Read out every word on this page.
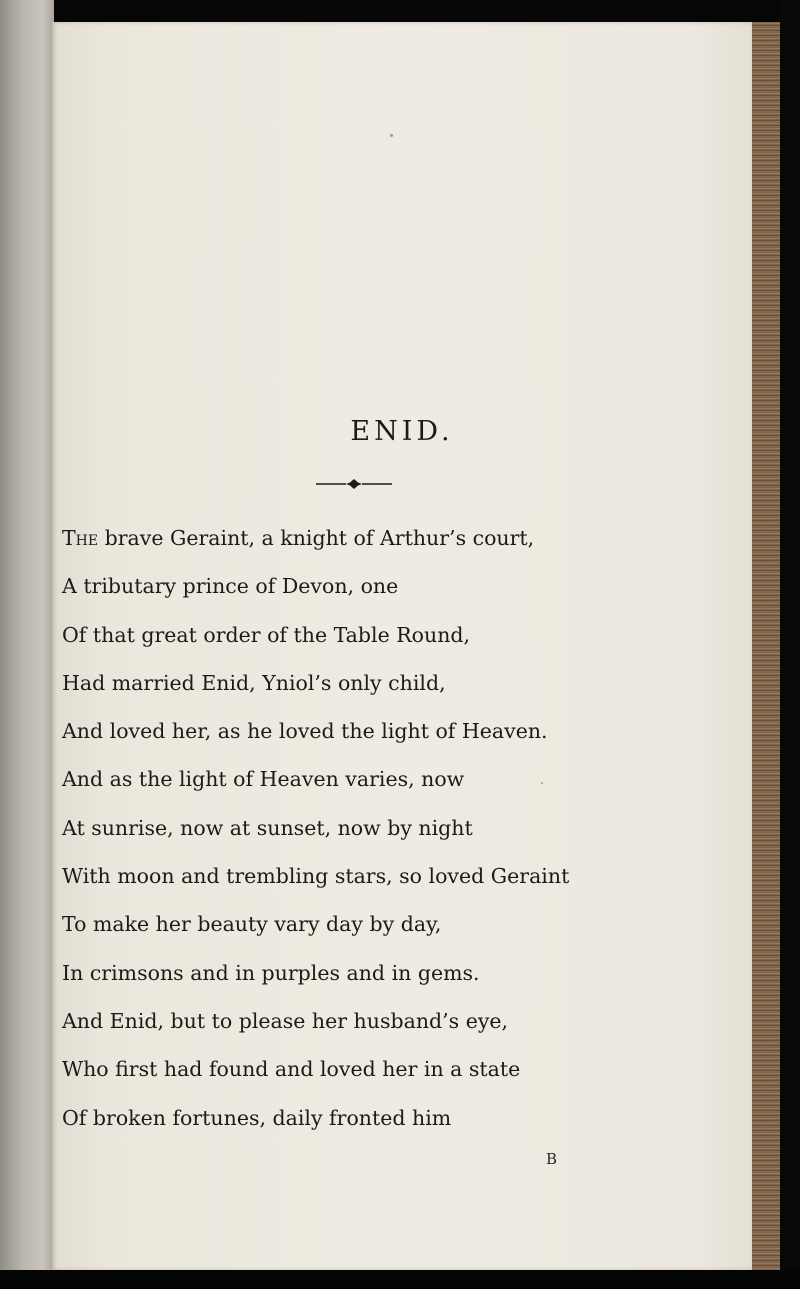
ENID.
The brave Geraint, a knight of Arthur’s court,
A tributary prince of Devon, one
Of that great order of the Table Round,
Had married Enid, Yniol’s only child,
And loved her, as he loved the light of Heaven.
And as the light of Heaven varies, now
At sunrise, now at sunset, now by night
With moon and trembling stars, so loved Geraint
To make her beauty vary day by day,
In crimsons and in purples and in gems.
And Enid, but to please her husband’s eye,
Who first had found and loved her in a state
Of broken fortunes, daily fronted him
B
